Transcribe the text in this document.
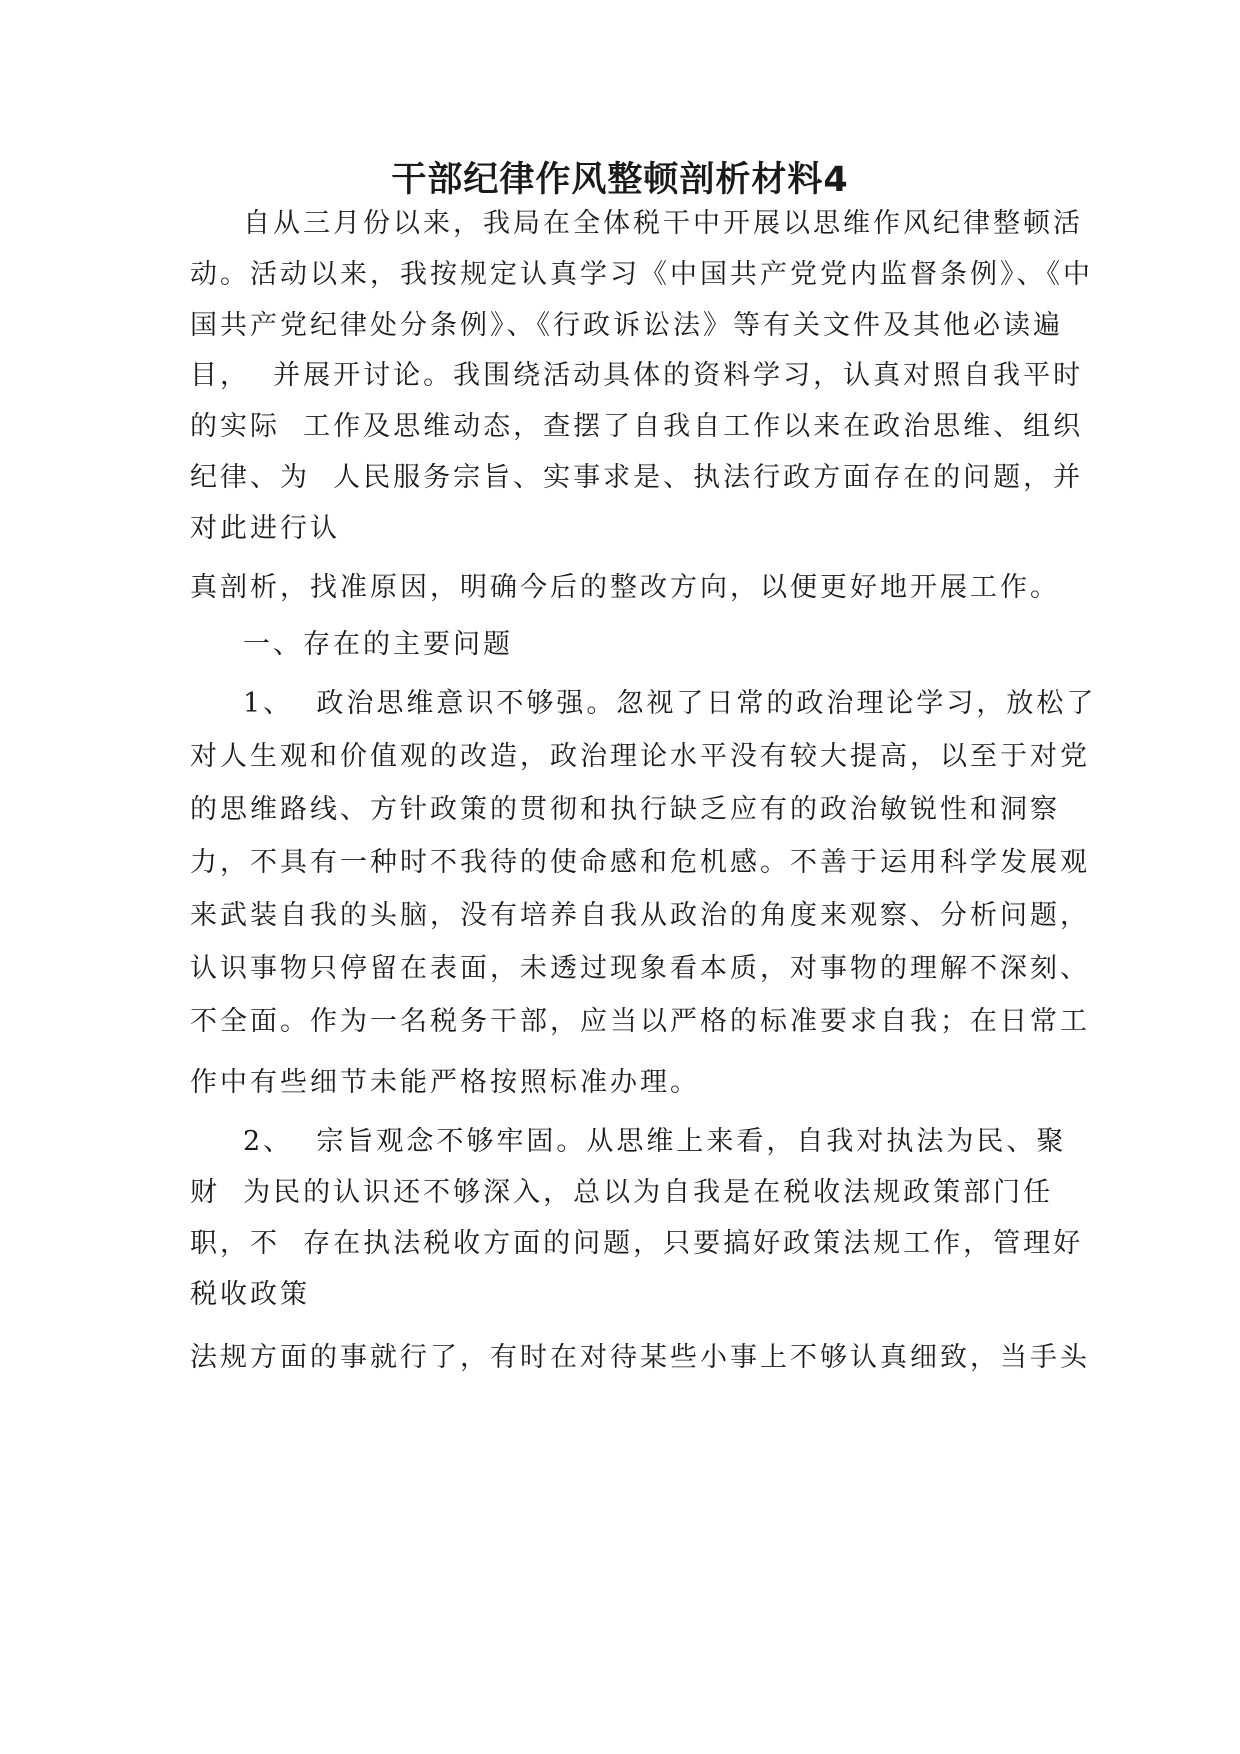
干部纪律作风整顿剖析材料4
自从三月份以来，我局在全体税干中开展以思维作风纪律整顿活
动。活动以来，我按规定认真学习《中国共产党党内监督条例》、《中
国共产党纪律处分条例》、《行政诉讼法》等有关文件及其他必读遍
目，  并展开讨论。我围绕活动具体的资料学习，认真对照自我平时
的实际  工作及思维动态，查摆了自我自工作以来在政治思维、组织
纪律、为  人民服务宗旨、实事求是、执法行政方面存在的问题，并
对此进行认
真剖析，找准原因，明确今后的整改方向，以便更好地开展工作。
一、存在的主要问题
1、  政治思维意识不够强。忽视了日常的政治理论学习，放松了
对人生观和价值观的改造，政治理论水平没有较大提高，以至于对党
的思维路线、方针政策的贯彻和执行缺乏应有的政治敏锐性和洞察
力，不具有一种时不我待的使命感和危机感。不善于运用科学发展观
来武装自我的头脑，没有培养自我从政治的角度来观察、分析问题，
认识事物只停留在表面，未透过现象看本质，对事物的理解不深刻、
不全面。作为一名税务干部，应当以严格的标准要求自我；在日常工
作中有些细节未能严格按照标准办理。
2、  宗旨观念不够牢固。从思维上来看，自我对执法为民、聚
财  为民的认识还不够深入，总以为自我是在税收法规政策部门任
职，不  存在执法税收方面的问题，只要搞好政策法规工作，管理好
税收政策
法规方面的事就行了，有时在对待某些小事上不够认真细致，当手头
